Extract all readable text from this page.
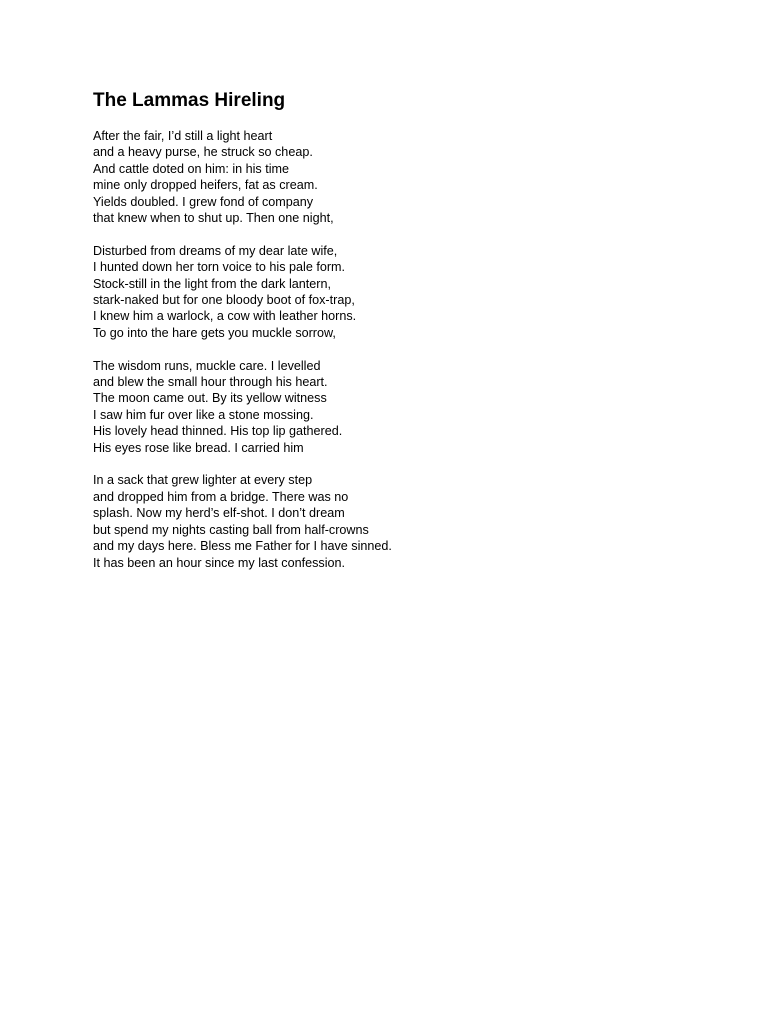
The Lammas Hireling
After the fair, I’d still a light heart
and a heavy purse, he struck so cheap.
And cattle doted on him: in his time
mine only dropped heifers, fat as cream.
Yields doubled. I grew fond of company
that knew when to shut up. Then one night,
Disturbed from dreams of my dear late wife,
I hunted down her torn voice to his pale form.
Stock-still in the light from the dark lantern,
stark-naked but for one bloody boot of fox-trap,
I knew him a warlock, a cow with leather horns.
To go into the hare gets you muckle sorrow,
The wisdom runs, muckle care. I levelled
and blew the small hour through his heart.
The moon came out. By its yellow witness
I saw him fur over like a stone mossing.
His lovely head thinned. His top lip gathered.
His eyes rose like bread. I carried him
In a sack that grew lighter at every step
and dropped him from a bridge. There was no
splash. Now my herd’s elf-shot. I don’t dream
but spend my nights casting ball from half-crowns
and my days here. Bless me Father for I have sinned.
It has been an hour since my last confession.
